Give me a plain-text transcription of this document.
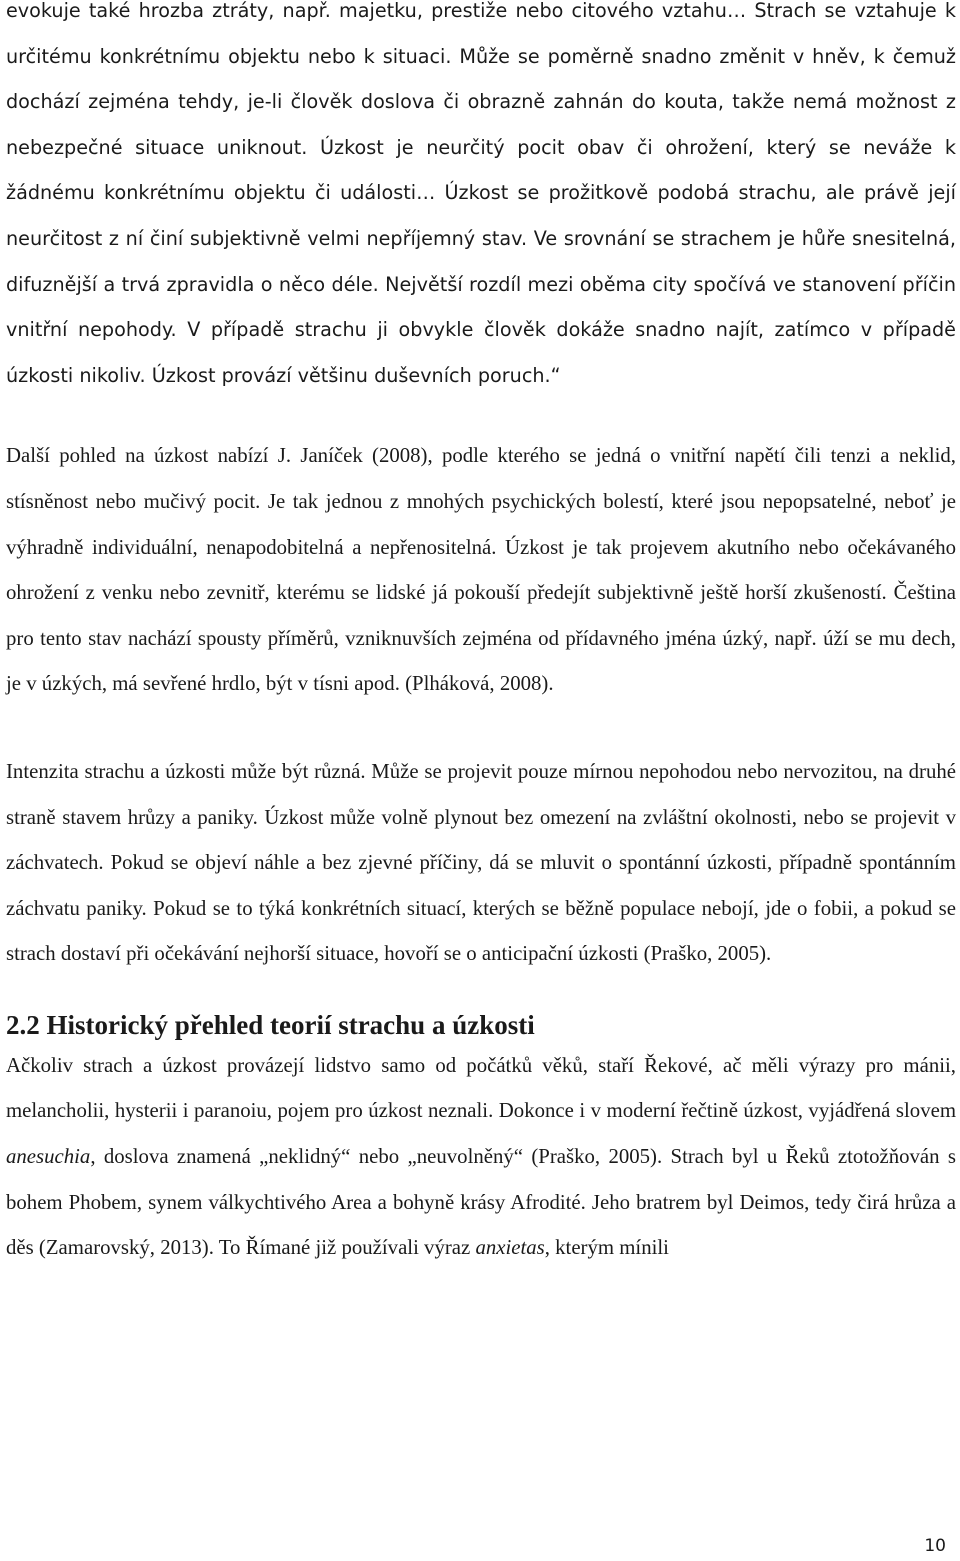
evokuje také hrozba ztráty, např. majetku, prestiže nebo citového vztahu… Strach se vztahuje k určitému konkrétnímu objektu nebo k situaci. Může se poměrně snadno změnit v hněv, k čemuž dochází zejména tehdy, je-li člověk doslova či obrazně zahnán do kouta, takže nemá možnost z nebezpečné situace uniknout. Úzkost je neurčitý pocit obav či ohrožení, který se neváže k žádnému konkrétnímu objektu či události… Úzkost se prožitkově podobá strachu, ale právě její neurčitost z ní činí subjektivně velmi nepříjemný stav. Ve srovnání se strachem je hůře snesitelná, difuznější a trvá zpravidla o něco déle. Největší rozdíl mezi oběma city spočívá ve stanovení příčin vnitřní nepohody. V případě strachu ji obvykle člověk dokáže snadno najít, zatímco v případě úzkosti nikoliv. Úzkost provází většinu duševních poruch.“

Další pohled na úzkost nabízí J. Janíček (2008), podle kterého se jedná o vnitřní napětí čili tenzi a neklid, stísněnost nebo mučivý pocit. Je tak jednou z mnohých psychických bolestí, které jsou nepopsatelné, neboť je výhradně individuální, nenapodobitelná a nepřenositelná. Úzkost je tak projevem akutního nebo očekávaného ohrožení z venku nebo zevnitř, kterému se lidské já pokouší předejít subjektivně ještě horší zkušeností. Čeština pro tento stav nachází spousty příměrů, vzniknuvších zejména od přídavného jména úzký, např. úží se mu dech, je v úzkých, má sevřené hrdlo, být v tísni apod. (Plháková, 2008).

Intenzita strachu a úzkosti může být různá. Může se projevit pouze mírnou nepohodou nebo nervozitou, na druhé straně stavem hrůzy a paniky. Úzkost může volně plynout bez omezení na zvláštní okolnosti, nebo se projevit v záchvatech. Pokud se objeví náhle a bez zjevné příčiny, dá se mluvit o spontánní úzkosti, případně spontánním záchvatu paniky. Pokud se to týká konkrétních situací, kterých se běžně populace nebojí, jde o fobii, a pokud se strach dostaví při očekávání nejhorší situace, hovoří se o anticipační úzkosti (Praško, 2005).

2.2 Historický přehled teorií strachu a úzkosti

Ačkoliv strach a úzkost provázejí lidstvo samo od počátků věků, staří Řekové, ač měli výrazy pro mánii, melancholii, hysterii i paranoiu, pojem pro úzkost neznali. Dokonce i v moderní řečtině úzkost, vyjádřená slovem anesuchia, doslova znamená „neklidný“ nebo „neuvolněný“ (Praško, 2005). Strach byl u Řeků ztotožňován s bohem Phobem, synem válkychtivého Area a bohyně krásy Afrodité. Jeho bratrem byl Deimos, tedy čirá hrůza a děs (Zamarovský, 2013). To Římané již používali výraz anxietas, kterým mínili

10
